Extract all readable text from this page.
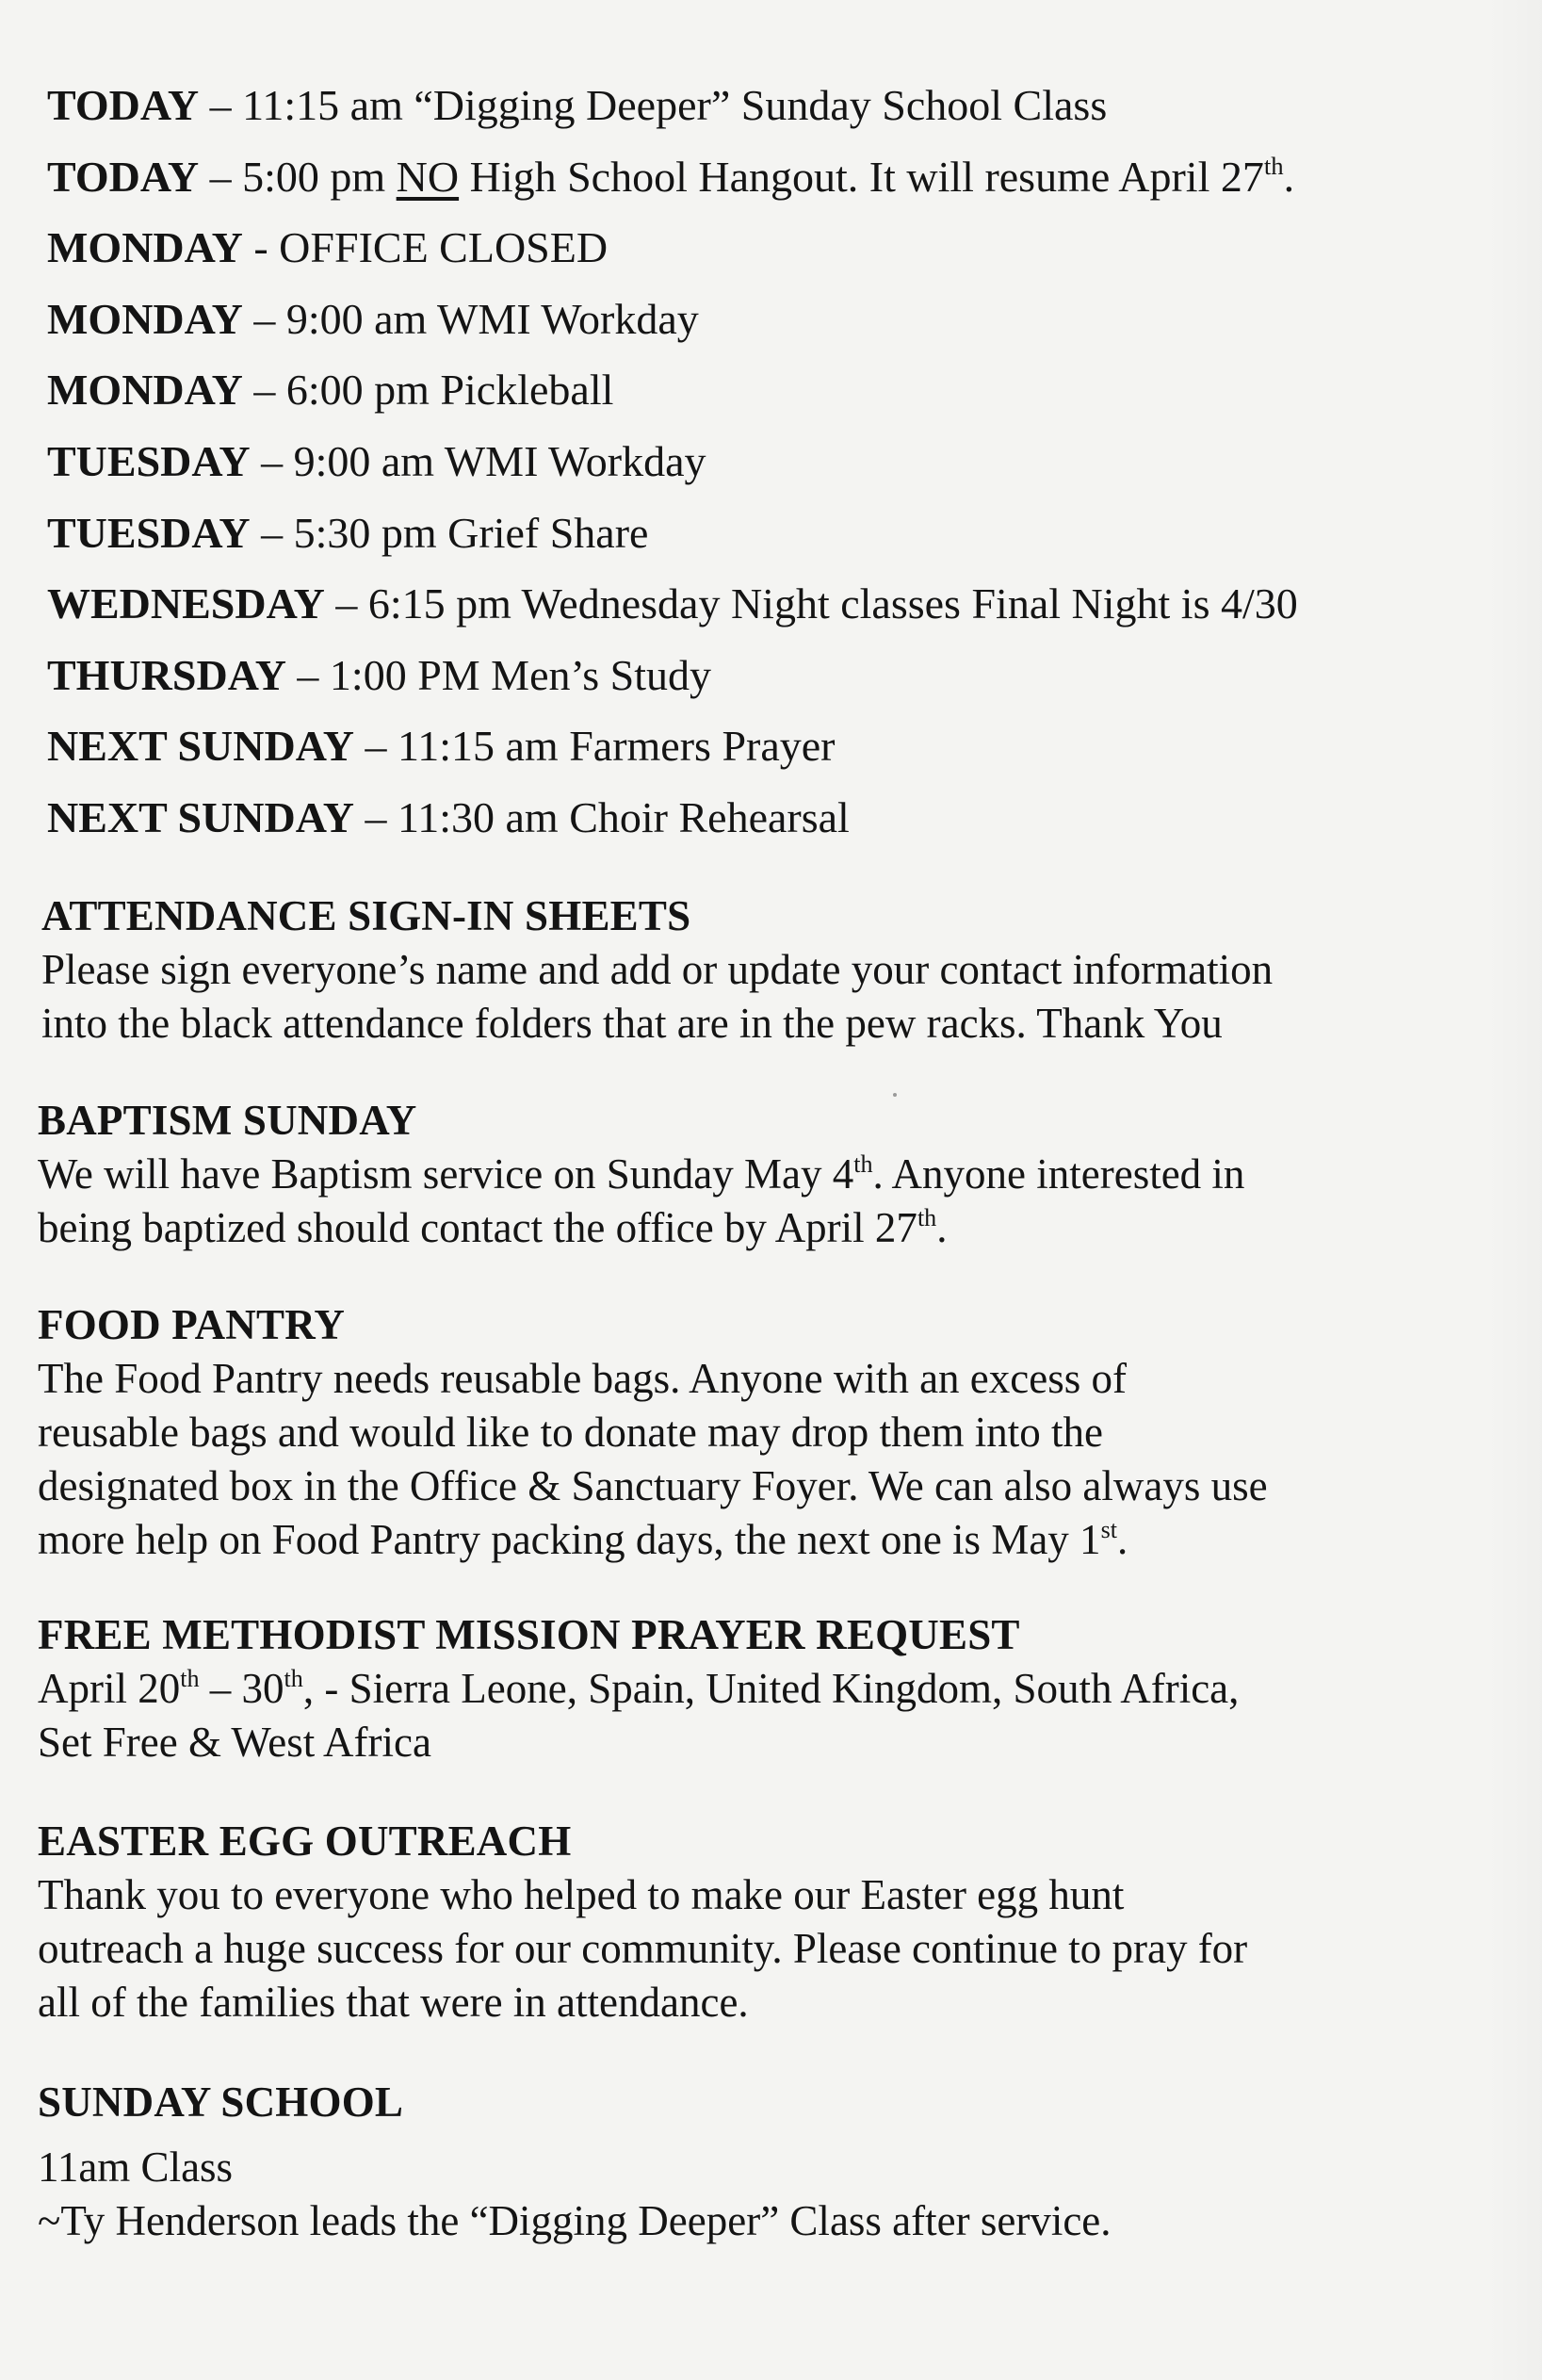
TODAY – 11:15 am “Digging Deeper” Sunday School Class
TODAY – 5:00 pm NO High School Hangout. It will resume April 27th.
MONDAY - OFFICE CLOSED
MONDAY – 9:00 am WMI Workday
MONDAY – 6:00 pm Pickleball
TUESDAY – 9:00 am WMI Workday
TUESDAY – 5:30 pm Grief Share
WEDNESDAY – 6:15 pm Wednesday Night classes Final Night is 4/30
THURSDAY – 1:00 PM Men’s Study
NEXT SUNDAY – 11:15 am Farmers Prayer
NEXT SUNDAY – 11:30 am Choir Rehearsal
ATTENDANCE SIGN-IN SHEETS

Please sign everyone’s name and add or update your contact information
into the black attendance folders that are in the pew racks. Thank You

BAPTISM SUNDAY

We will have Baptism service on Sunday May 4th. Anyone interested in
being baptized should contact the office by April 27th.

FOOD PANTRY

The Food Pantry needs reusable bags. Anyone with an excess of
reusable bags and would like to donate may drop them into the
designated box in the Office & Sanctuary Foyer. We can also always use
more help on Food Pantry packing days, the next one is May 1st.

FREE METHODIST MISSION PRAYER REQUEST

April 20th – 30th, - Sierra Leone, Spain, United Kingdom, South Africa,
Set Free & West Africa

EASTER EGG OUTREACH

Thank you to everyone who helped to make our Easter egg hunt
outreach a huge success for our community. Please continue to pray for
all of the families that were in attendance.

SUNDAY SCHOOL

11am Class
~Ty Henderson leads the “Digging Deeper” Class after service.
